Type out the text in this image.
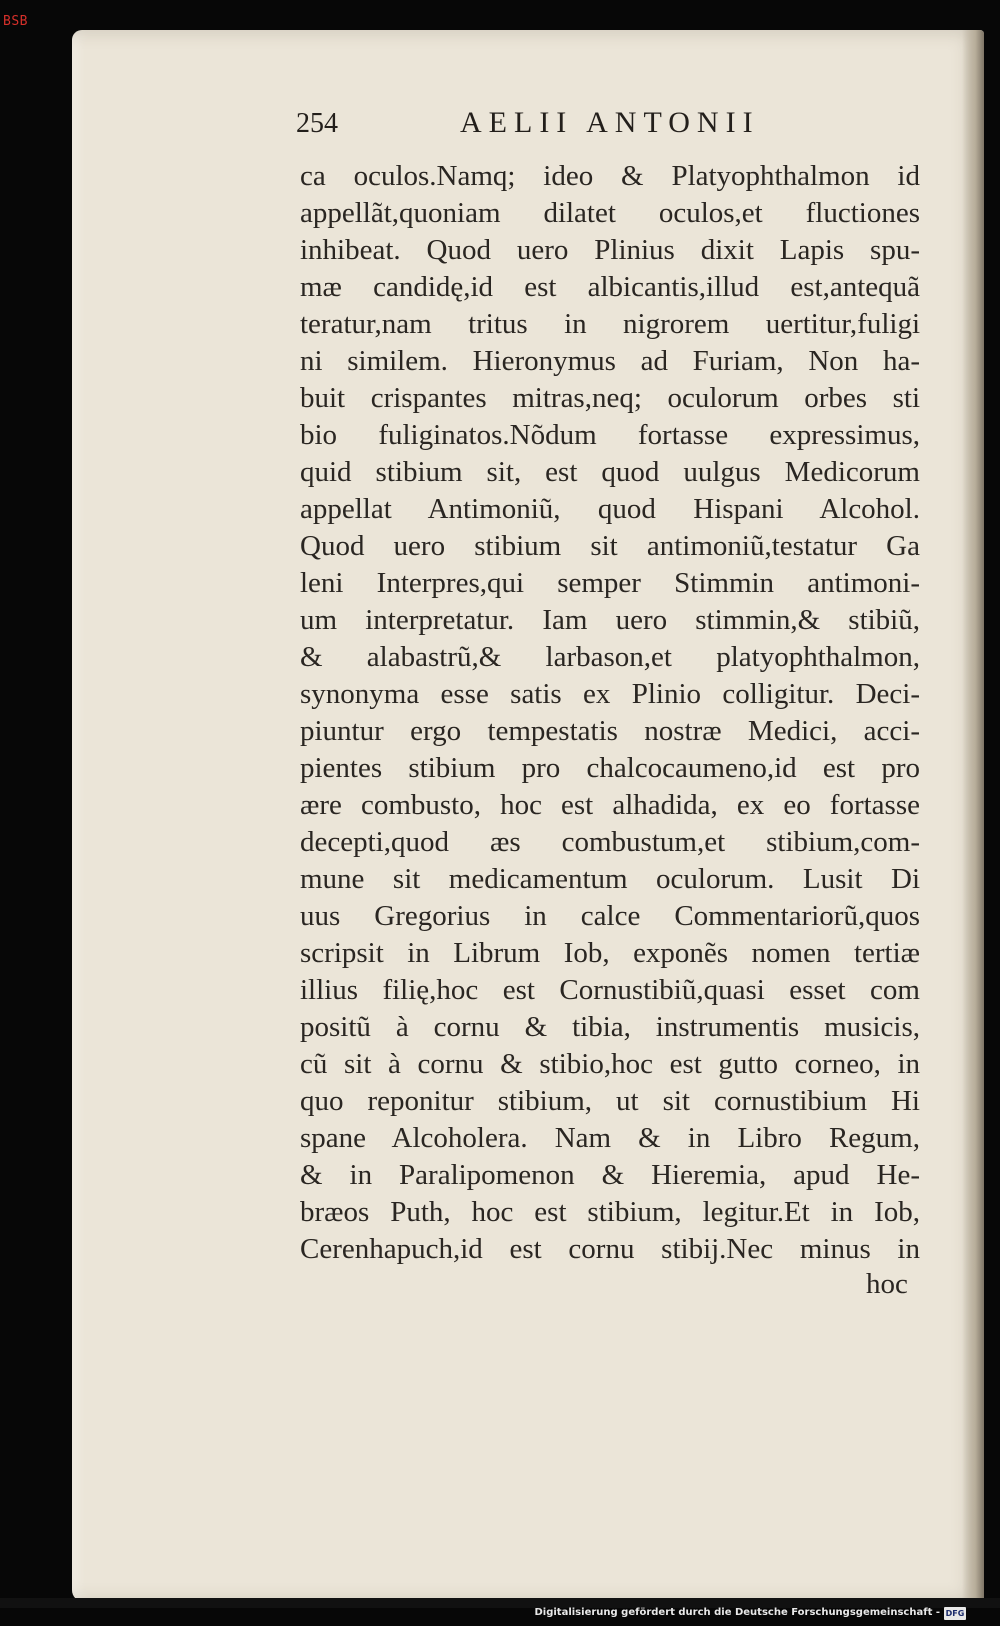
BSB
254	AELII ANTONII
ca oculos.Namq; ideo & Platyophthalmon id
appellãt,quoniam dilatet oculos,et fluctiones
inhibeat. Quod uero Plinius dixit Lapis spu-
mæ candidę,id est albicantis,illud est,antequã
teratur,nam tritus in nigrorem uertitur,fuligi
ni similem. Hieronymus ad Furiam, Non ha-
buit crispantes mitras,neq; oculorum orbes sti
bio fuliginatos.Nõdum fortasse expressimus,
quid stibium sit, est quod uulgus Medicorum
appellat Antimoniũ, quod Hispani Alcohol.
Quod uero stibium sit antimoniũ,testatur Ga
leni Interpres,qui semper Stimmin antimoni-
um interpretatur. Iam uero stimmin,& stibiũ,
& alabastrũ,& larbason,et platyophthalmon,
synonyma esse satis ex Plinio colligitur. Deci-
piuntur ergo tempestatis nostræ Medici, acci-
pientes stibium pro chalcocaumeno,id est pro
ære combusto, hoc est alhadida, ex eo fortasse
decepti,quod æs combustum,et stibium,com-
mune sit medicamentum oculorum. Lusit Di
uus Gregorius in calce Commentariorũ,quos
scripsit in Librum Iob, exponẽs nomen tertiæ
illius filię,hoc est Cornustibiũ,quasi esset com
positũ à cornu & tibia, instrumentis musicis,
cũ sit à cornu & stibio,hoc est gutto corneo, in
quo reponitur stibium, ut sit cornustibium Hi
spane Alcoholera. Nam & in Libro Regum,
& in Paralipomenon & Hieremia, apud He-
bræos Puth, hoc est stibium, legitur.Et in Iob,
Cerenhapuch,id est cornu stibij.Nec minus in
hoc
Digitalisierung gefördert durch die Deutsche Forschungsgemeinschaft - DFG
